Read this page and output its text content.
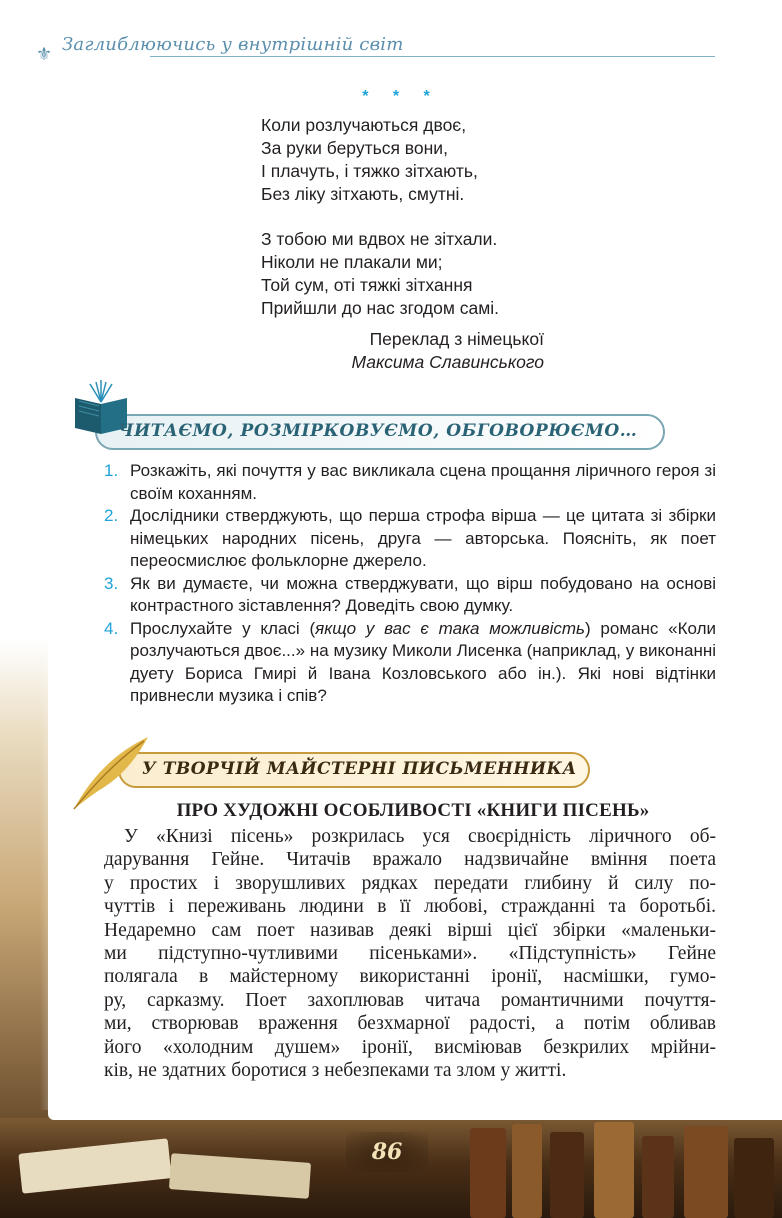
⚜ Заглиблюючись у внутрішній світ
* * *
Коли розлучаються двоє,
За руки беруться вони,
І плачуть, і тяжко зітхають,
Без ліку зітхають, смутні.
З тобою ми вдвох не зітхали.
Ніколи не плакали ми;
Той сум, оті тяжкі зітхання
Прийшли до нас згодом самі.
Переклад з німецької
Максима Славинського
ЧИТАЄМО, РОЗМІРКОВУЄМО, ОБГОВОРЮЄМО…
1. Розкажіть, які почуття у вас викликала сцена прощання ліричного героя зі своїм коханням.
2. Дослідники стверджують, що перша строфа вірша — це цитата зі збірки німецьких народних пісень, друга — авторська. Поясніть, як поет переосмислює фольклорне джерело.
3. Як ви думаєте, чи можна стверджувати, що вірш побудовано на основі контрастного зіставлення? Доведіть свою думку.
4. Прослухайте у класі (якщо у вас є така можливість) романс «Коли розлучаються двоє...» на музику Миколи Лисенка (наприклад, у виконанні дуету Бориса Гмирі й Івана Козловського або ін.). Які нові відтінки привнесли музика і спів?
У ТВОРЧІЙ МАЙСТЕРНІ ПИСЬМЕННИКА
ПРО ХУДОЖНІ ОСОБЛИВОСТІ «КНИГИ ПІСЕНЬ»
У «Книзі пісень» розкрилась уся своєрідність ліричного об-
дарування Гейне. Читачів вражало надзвичайне вміння поета
у простих і зворушливих рядках передати глибину й силу по-
чуттів і переживань людини в її любові, стражданні та боротьбі.
Недаремно сам поет називав деякі вірші цієї збірки «маленьки-
ми підступно-чутливими пісеньками». «Підступність» Гейне
полягала в майстерному використанні іронії, насмішки, гумо-
ру, сарказму. Поет захоплював читача романтичними почуття-
ми, створював враження безхмарної радості, а потім обливав
його «холодним душем» іронії, висміював безкрилих мрійни-
ків, не здатних боротися з небезпеками та злом у житті.
86
